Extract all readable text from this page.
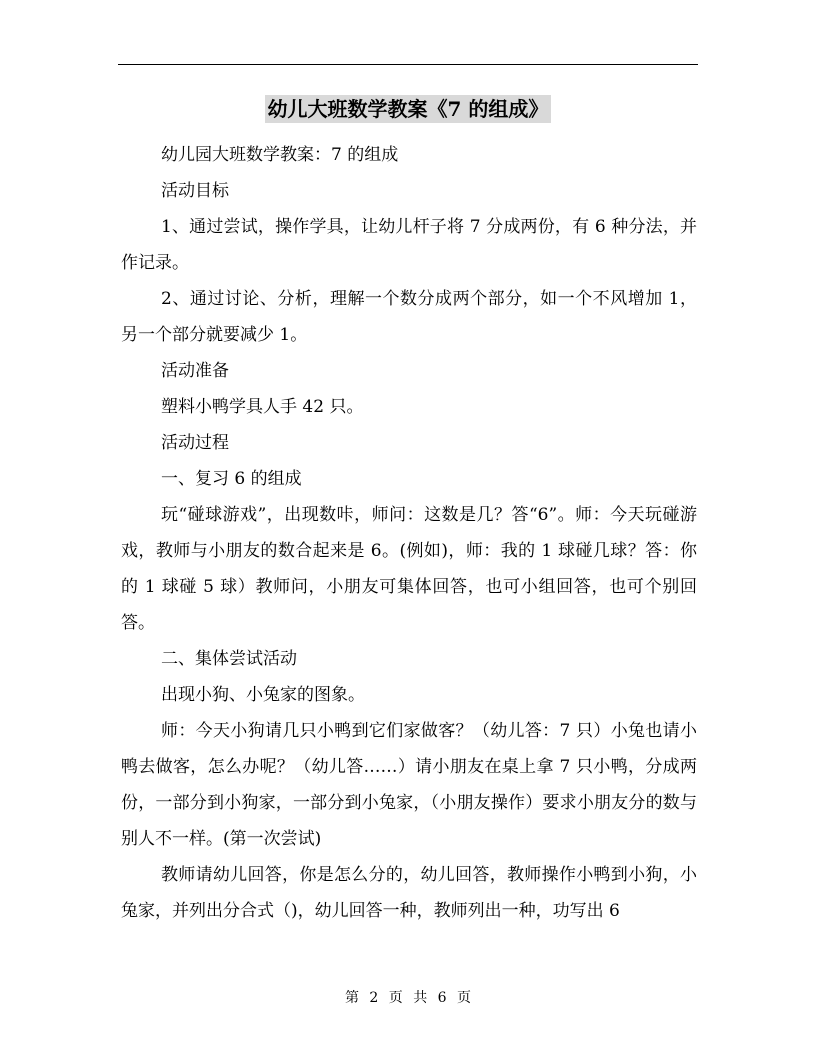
幼儿大班数学教案《7 的组成》

幼儿园大班数学教案：7 的组成

活动目标

1、通过尝试，操作学具，让幼儿杆子将 7 分成两份，有 6 种分法，并作记录。

2、通过讨论、分析，理解一个数分成两个部分，如一个不风增加 1，另一个部分就要减少 1。

活动准备

塑料小鸭学具人手 42 只。

活动过程

一、复习 6 的组成

玩“碰球游戏”，出现数咔，师问：这数是几？答“6”。师：今天玩碰游戏，教师与小朋友的数合起来是 6。(例如)，师：我的 1 球碰几球？答：你的 1 球碰 5 球）教师问，小朋友可集体回答，也可小组回答，也可个别回答。

二、集体尝试活动

出现小狗、小兔家的图象。

师：今天小狗请几只小鸭到它们家做客？（幼儿答：7 只）小兔也请小鸭去做客，怎么办呢？（幼儿答……）请小朋友在桌上拿 7 只小鸭，分成两份，一部分到小狗家，一部分到小兔家，（小朋友操作）要求小朋友分的数与别人不一样。(第一次尝试)

教师请幼儿回答，你是怎么分的，幼儿回答，教师操作小鸭到小狗，小兔家，并列出分合式（)，幼儿回答一种，教师列出一种，功写出 6

第 2 页 共 6 页
